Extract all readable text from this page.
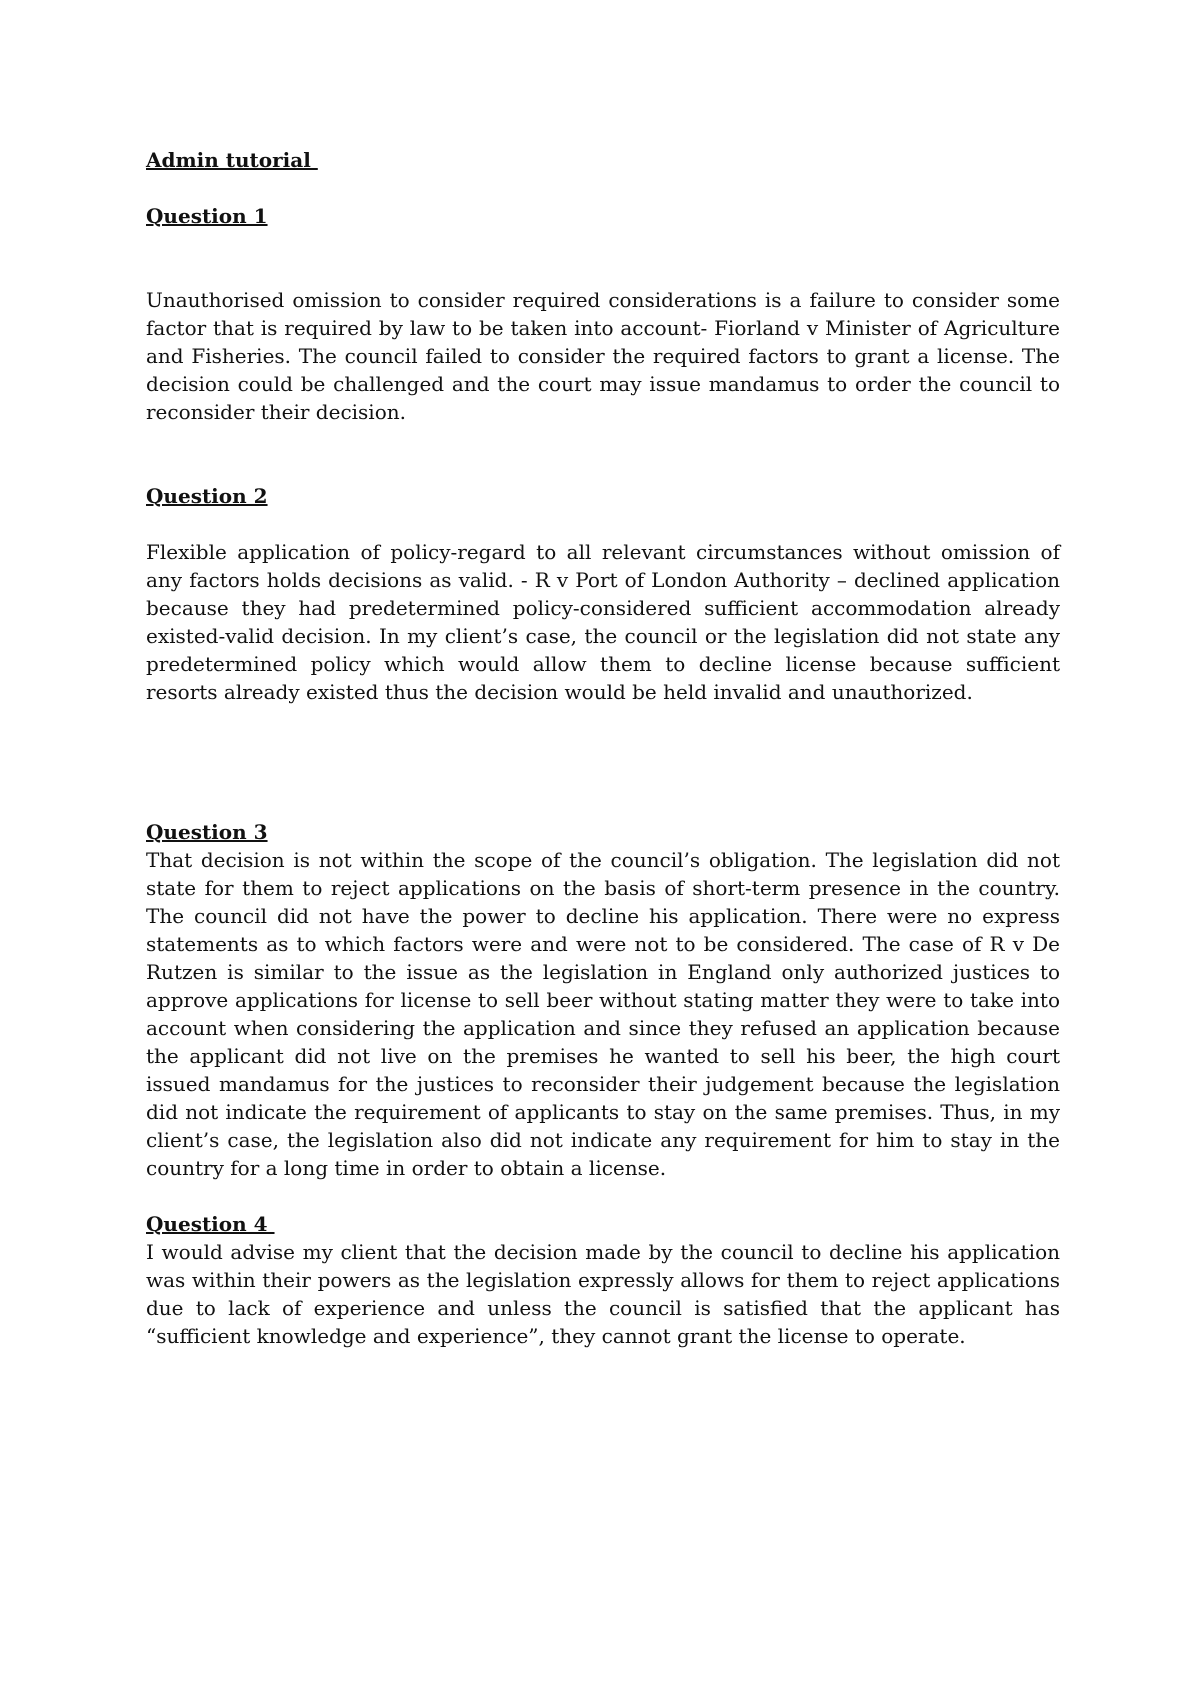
Admin tutorial

Question 1

Unauthorised omission to consider required considerations is a failure to consider some factor that is required by law to be taken into account- Fiorland v Minister of Agriculture and Fisheries. The council failed to consider the required factors to grant a license. The decision could be challenged and the court may issue mandamus to order the council to reconsider their decision.

Question 2

Flexible application of policy-regard to all relevant circumstances without omission of any factors holds decisions as valid. - R v Port of London Authority – declined application because they had predetermined policy-considered sufficient accommodation already existed-valid decision. In my client’s case, the council or the legislation did not state any predetermined policy which would allow them to decline license because sufficient resorts already existed thus the decision would be held invalid and unauthorized.

Question 3

That decision is not within the scope of the council’s obligation. The legislation did not state for them to reject applications on the basis of short-term presence in the country. The council did not have the power to decline his application. There were no express statements as to which factors were and were not to be considered. The case of R v De Rutzen is similar to the issue as the legislation in England only authorized justices to approve applications for license to sell beer without stating matter they were to take into account when considering the application and since they refused an application because the applicant did not live on the premises he wanted to sell his beer, the high court issued mandamus for the justices to reconsider their judgement because the legislation did not indicate the requirement of applicants to stay on the same premises. Thus, in my client’s case, the legislation also did not indicate any requirement for him to stay in the country for a long time in order to obtain a license.

Question 4

I would advise my client that the decision made by the council to decline his application was within their powers as the legislation expressly allows for them to reject applications due to lack of experience and unless the council is satisfied that the applicant has “sufficient knowledge and experience”, they cannot grant the license to operate.
